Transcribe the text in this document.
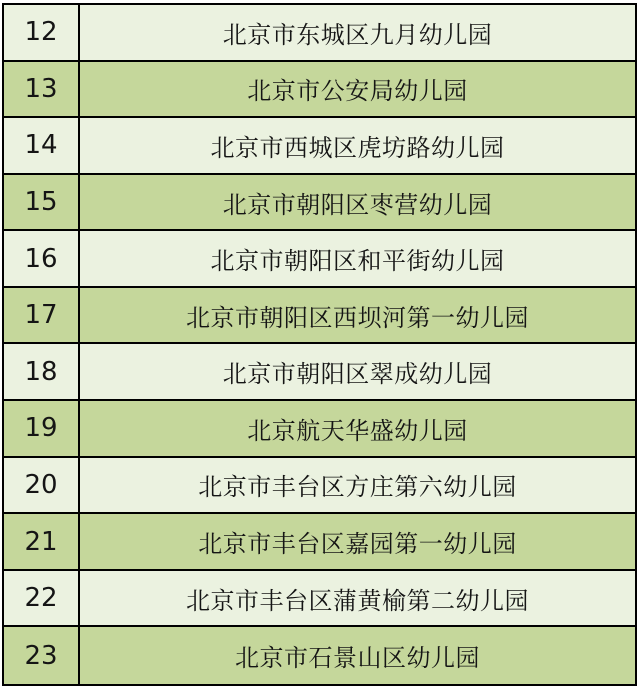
12	北京市东城区九月幼儿园
13	北京市公安局幼儿园
14	北京市西城区虎坊路幼儿园
15	北京市朝阳区枣营幼儿园
16	北京市朝阳区和平街幼儿园
17	北京市朝阳区西坝河第一幼儿园
18	北京市朝阳区翠成幼儿园
19	北京航天华盛幼儿园
20	北京市丰台区方庄第六幼儿园
21	北京市丰台区嘉园第一幼儿园
22	北京市丰台区蒲黄榆第二幼儿园
23	北京市石景山区幼儿园
